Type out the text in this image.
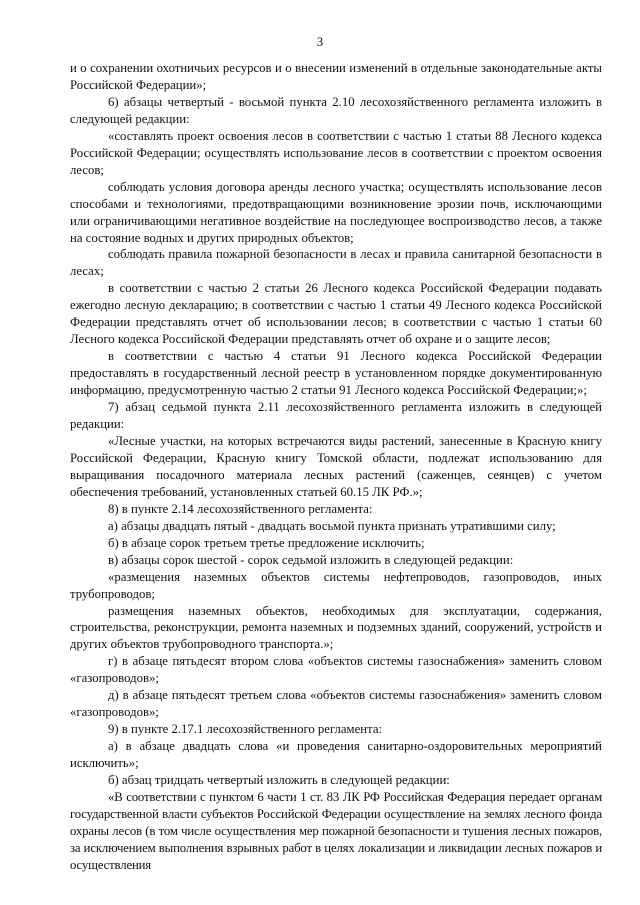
3

и о сохранении охотничьих ресурсов и о внесении изменений в отдельные законодательные акты Российской Федерации»;

6) абзацы четвертый - восьмой пункта 2.10 лесохозяйственного регламента изложить в следующей редакции:

«составлять проект освоения лесов в соответствии с частью 1 статьи 88 Лесного кодекса Российской Федерации; осуществлять использование лесов в соответствии с проектом освоения лесов;

соблюдать условия договора аренды лесного участка; осуществлять использование лесов способами и технологиями, предотвращающими возникновение эрозии почв, исключающими или ограничивающими негативное воздействие на последующее воспроизводство лесов, а также на состояние водных и других природных объектов;

соблюдать правила пожарной безопасности в лесах и правила санитарной безопасности в лесах;

в соответствии с частью 2 статьи 26 Лесного кодекса Российской Федерации подавать ежегодно лесную декларацию; в соответствии с частью 1 статьи 49 Лесного кодекса Российской Федерации представлять отчет об использовании лесов; в соответствии с частью 1 статьи 60 Лесного кодекса Российской Федерации представлять отчет об охране и о защите лесов;

в соответствии с частью 4 статьи 91 Лесного кодекса Российской Федерации предоставлять в государственный лесной реестр в установленном порядке документированную информацию, предусмотренную частью 2 статьи 91 Лесного кодекса Российской Федерации;»;

7) абзац седьмой пункта 2.11 лесохозяйственного регламента изложить в следующей редакции:

«Лесные участки, на которых встречаются виды растений, занесенные в Красную книгу Российской Федерации, Красную книгу Томской области, подлежат использованию для выращивания посадочного материала лесных растений (саженцев, сеянцев) с учетом обеспечения требований, установленных статьей 60.15 ЛК РФ.»;

8) в пункте 2.14 лесохозяйственного регламента:

а) абзацы двадцать пятый - двадцать восьмой пункта признать утратившими силу;

б) в абзаце сорок третьем третье предложение исключить;

в) абзацы сорок шестой - сорок седьмой изложить в следующей редакции:

«размещения наземных объектов системы нефтепроводов, газопроводов, иных трубопроводов;

размещения наземных объектов, необходимых для эксплуатации, содержания, строительства, реконструкции, ремонта наземных и подземных зданий, сооружений, устройств и других объектов трубопроводного транспорта.»;

г) в абзаце пятьдесят втором слова «объектов системы газоснабжения» заменить словом «газопроводов»;

д) в абзаце пятьдесят третьем слова «объектов системы газоснабжения» заменить словом «газопроводов»;

9) в пункте 2.17.1 лесохозяйственного регламента:

а) в абзаце двадцать слова «и проведения санитарно-оздоровительных мероприятий исключить»;

б) абзац тридцать четвертый изложить в следующей редакции:

«В соответствии с пунктом 6 части 1 ст. 83 ЛК РФ Российская Федерация передает органам государственной власти субъектов Российской Федерации осуществление на землях лесного фонда охраны лесов (в том числе осуществления мер пожарной безопасности и тушения лесных пожаров, за исключением выполнения взрывных работ в целях локализации и ликвидации лесных пожаров и осуществления
